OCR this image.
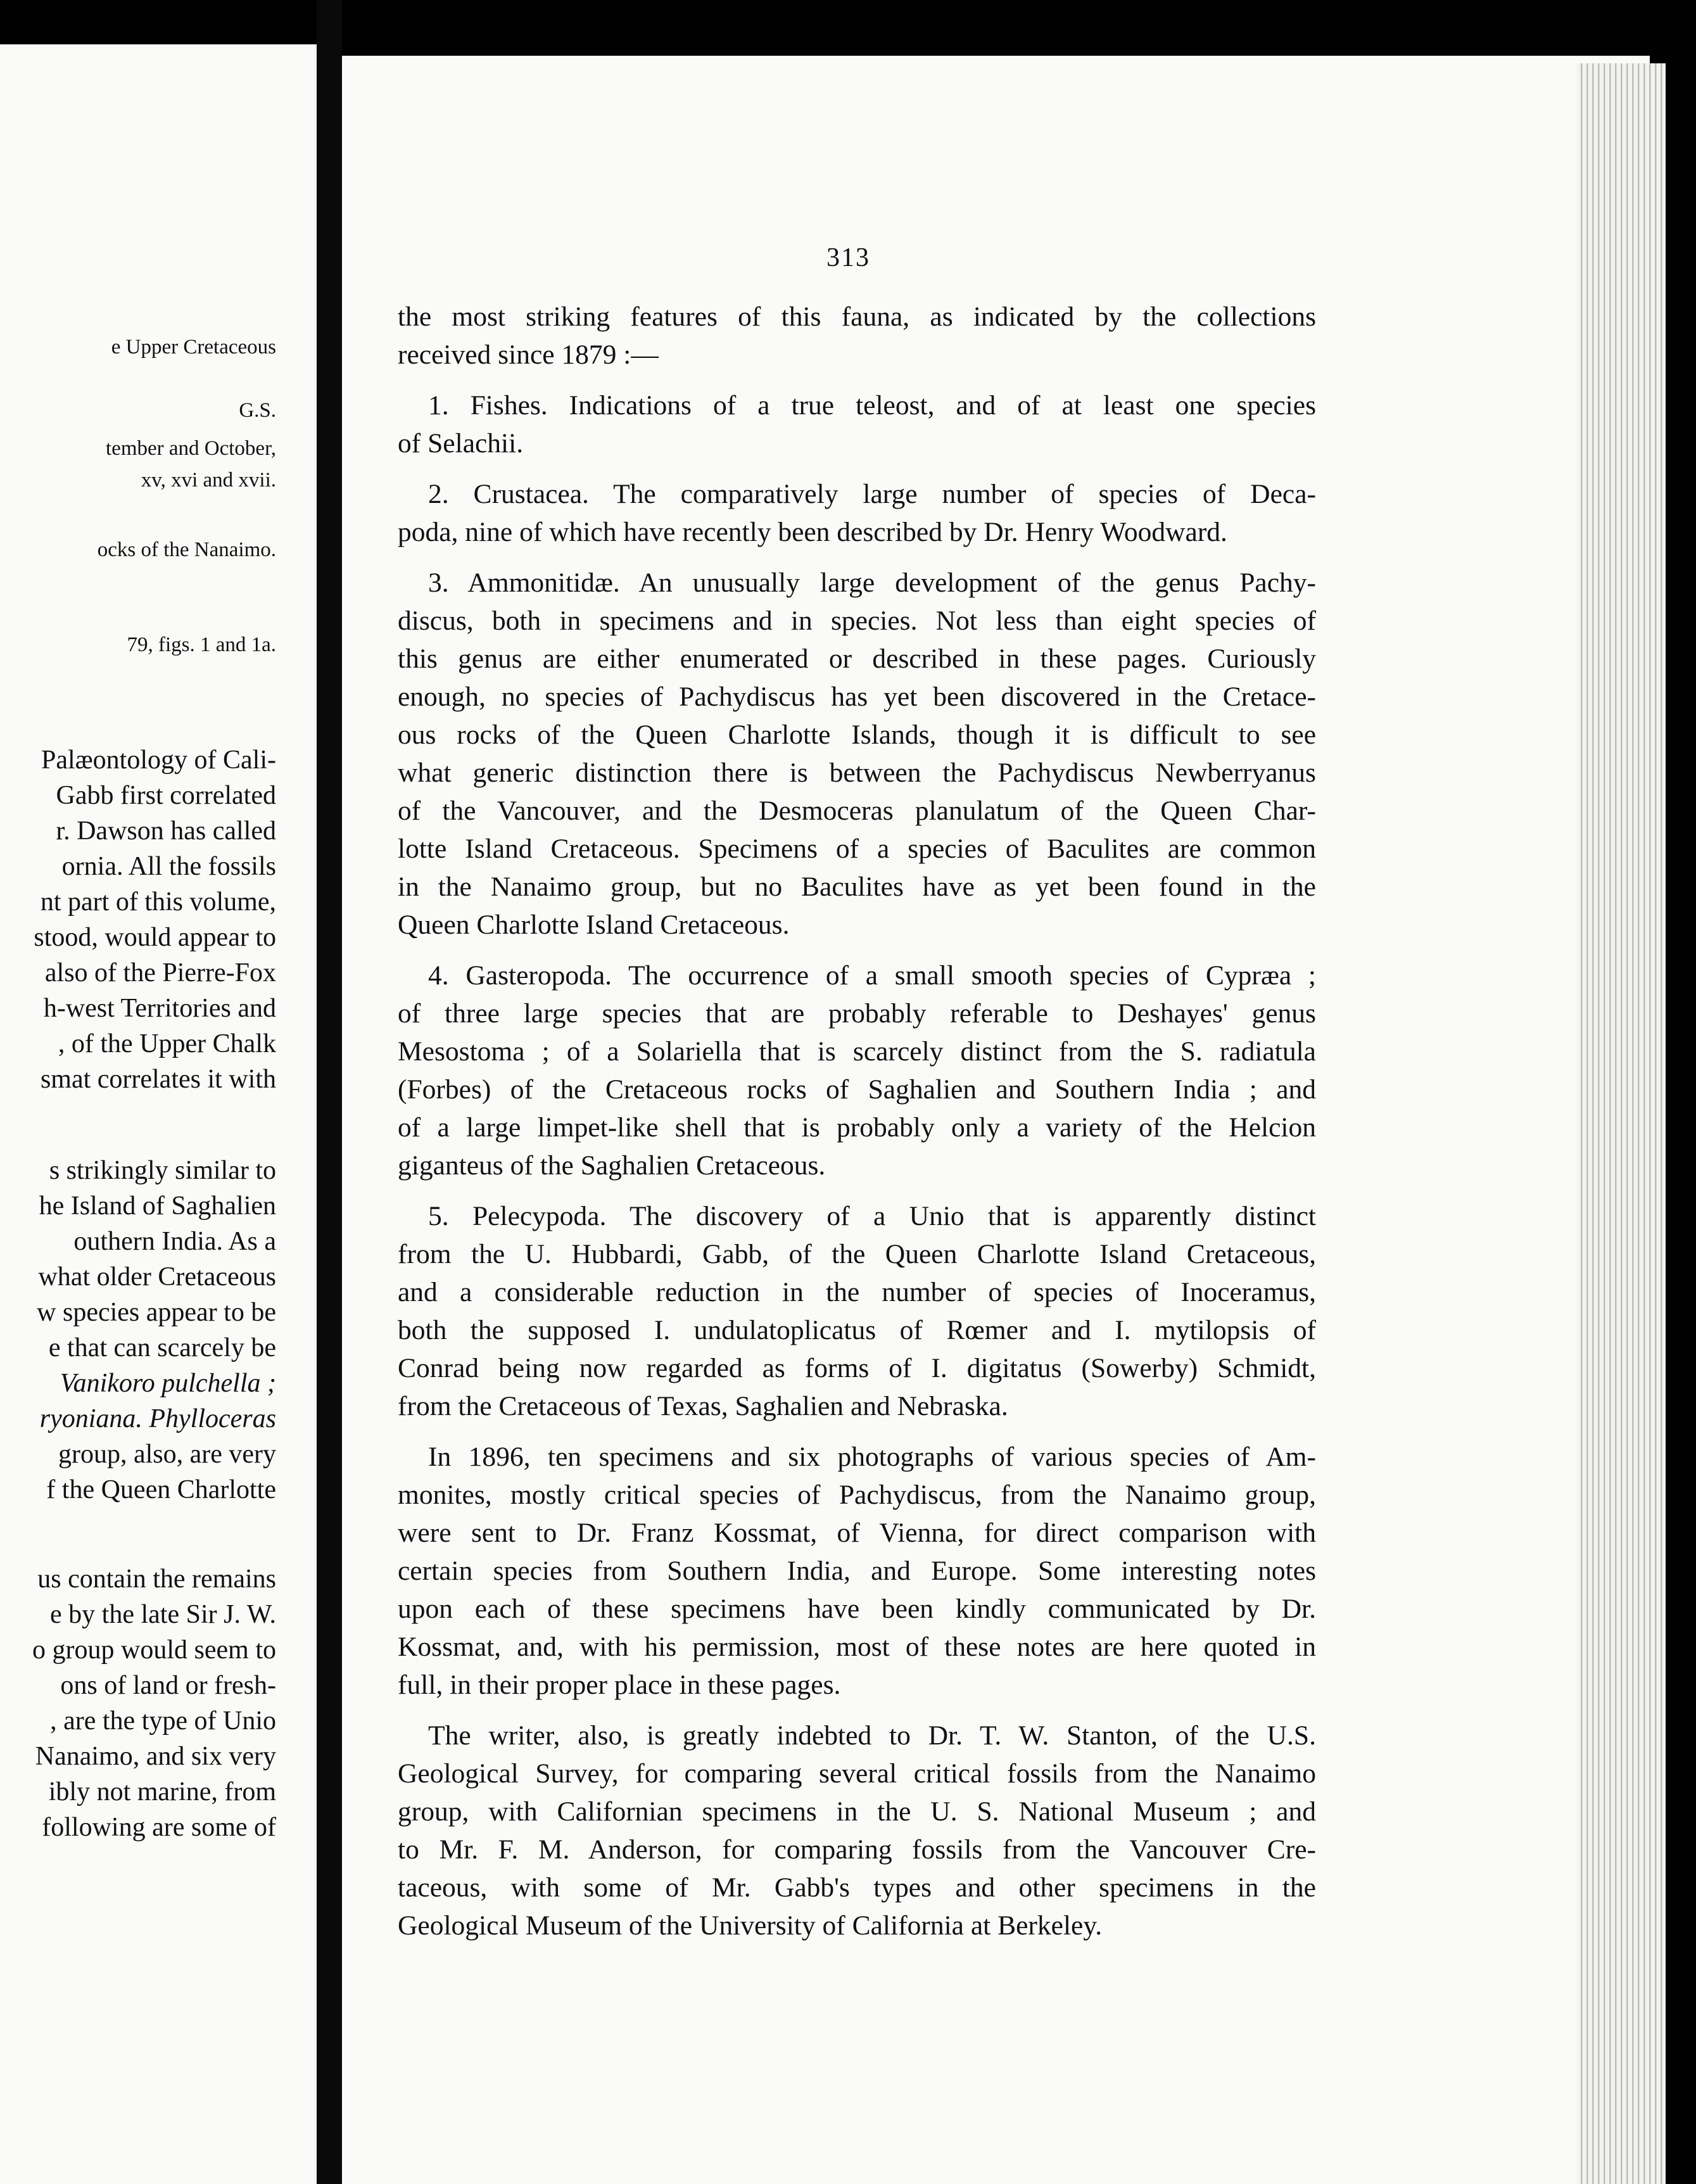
e Upper Cretaceous
G.S.
tember and October,
xv, xvi and xvii.
ocks of the Nanaimo.
79, figs. 1 and 1a.
Palæontology of Cali-
Gabb first correlated
r. Dawson has called
ornia. All the fossils
nt part of this volume,
stood, would appear to
also of the Pierre-Fox
h-west Territories and
, of the Upper Chalk
smat correlates it with
s strikingly similar to
he Island of Saghalien
outhern India. As a
what older Cretaceous
w species appear to be
e that can scarcely be
Vanikoro pulchella ;
ryoniana. Phylloceras
group, also, are very
f the Queen Charlotte
us contain the remains
e by the late Sir J. W.
o group would seem to
ons of land or fresh-
, are the type of Unio
Nanaimo, and six very
ibly not marine, from
following are some of
313
the most striking features of this fauna, as indicated by the collections
received since 1879 :—
1. Fishes. Indications of a true teleost, and of at least one species
of Selachii.
2. Crustacea. The comparatively large number of species of Deca-
poda, nine of which have recently been described by Dr. Henry Woodward.
3. Ammonitidæ. An unusually large development of the genus Pachy-
discus, both in specimens and in species. Not less than eight species of
this genus are either enumerated or described in these pages. Curiously
enough, no species of Pachydiscus has yet been discovered in the Cretace-
ous rocks of the Queen Charlotte Islands, though it is difficult to see
what generic distinction there is between the Pachydiscus Newberryanus
of the Vancouver, and the Desmoceras planulatum of the Queen Char-
lotte Island Cretaceous. Specimens of a species of Baculites are common
in the Nanaimo group, but no Baculites have as yet been found in the
Queen Charlotte Island Cretaceous.
4. Gasteropoda. The occurrence of a small smooth species of Cypræa ;
of three large species that are probably referable to Deshayes' genus
Mesostoma ; of a Solariella that is scarcely distinct from the S. radiatula
(Forbes) of the Cretaceous rocks of Saghalien and Southern India ; and
of a large limpet-like shell that is probably only a variety of the Helcion
giganteus of the Saghalien Cretaceous.
5. Pelecypoda. The discovery of a Unio that is apparently distinct
from the U. Hubbardi, Gabb, of the Queen Charlotte Island Cretaceous,
and a considerable reduction in the number of species of Inoceramus,
both the supposed I. undulatoplicatus of Rœmer and I. mytilopsis of
Conrad being now regarded as forms of I. digitatus (Sowerby) Schmidt,
from the Cretaceous of Texas, Saghalien and Nebraska.
In 1896, ten specimens and six photographs of various species of Am-
monites, mostly critical species of Pachydiscus, from the Nanaimo group,
were sent to Dr. Franz Kossmat, of Vienna, for direct comparison with
certain species from Southern India, and Europe. Some interesting notes
upon each of these specimens have been kindly communicated by Dr.
Kossmat, and, with his permission, most of these notes are here quoted in
full, in their proper place in these pages.
The writer, also, is greatly indebted to Dr. T. W. Stanton, of the U.S.
Geological Survey, for comparing several critical fossils from the Nanaimo
group, with Californian specimens in the U. S. National Museum ; and
to Mr. F. M. Anderson, for comparing fossils from the Vancouver Cre-
taceous, with some of Mr. Gabb's types and other specimens in the
Geological Museum of the University of California at Berkeley.
